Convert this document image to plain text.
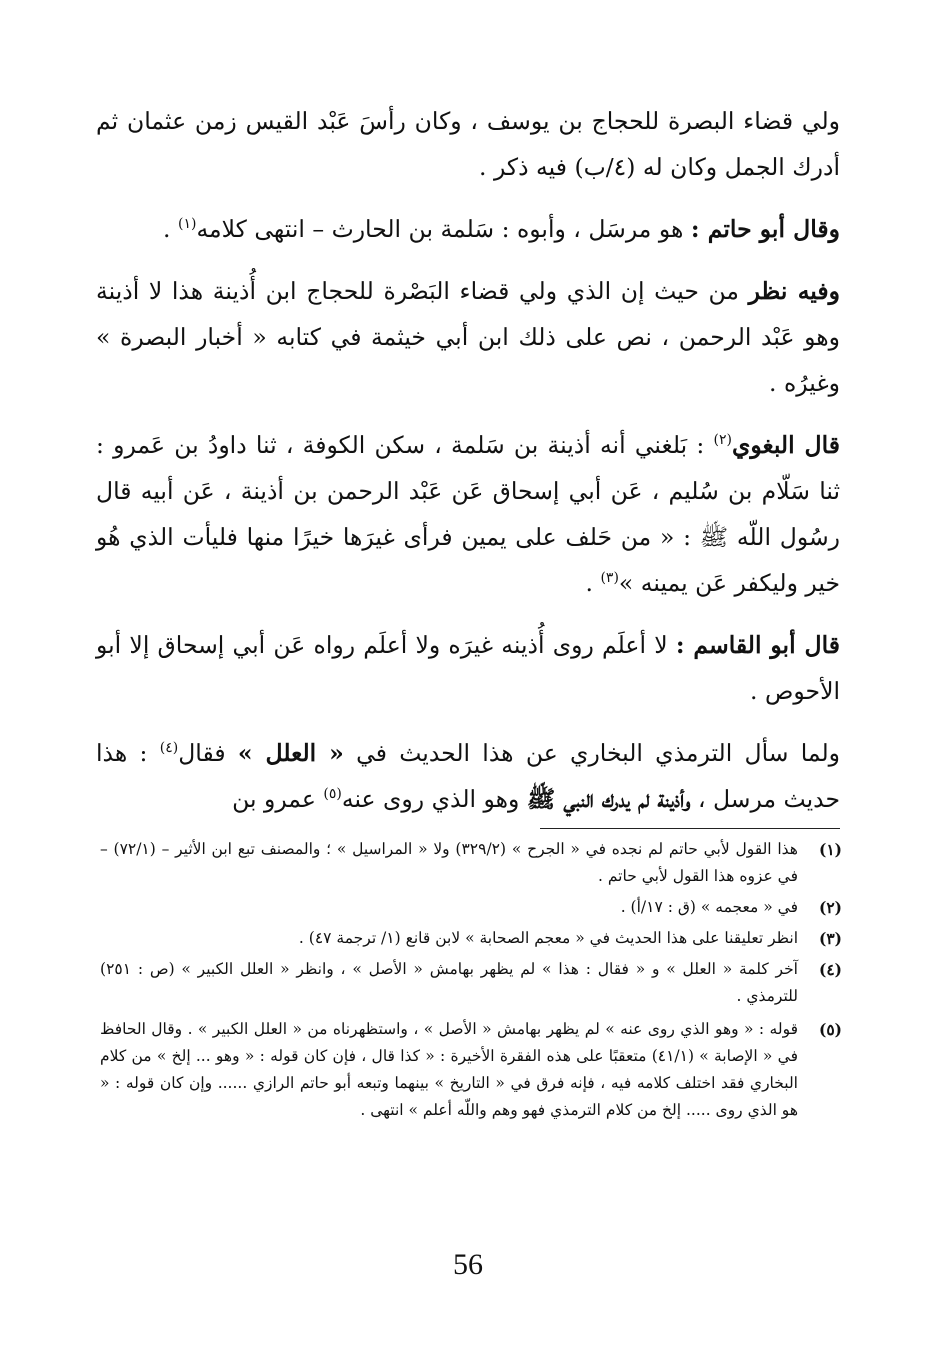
ولي قضاء البصرة للحجاج بن يوسف ، وكان رأسَ عَبْد القيس زمن عثمان ثم أدرك الجمل وكان له (٤/ب) فيه ذكر .

وقال أبو حاتم : هو مرسَل ، وأبوه : سَلمة بن الحارث – انتهى كلامه$^{(١)}$ .

وفيه نظر من حيث إن الذي ولي قضاء البَصْرة للحجاج ابن أُذينة هذا لا أذينة وهو عَبْد الرحمن ، نص على ذلك ابن أبي خيثمة في كتابه « أخبار البصرة » وغيرُه .

قال البغوي$^{(٢)}$ : بَلغني أنه أذينة بن سَلمة ، سكن الكوفة ، ثنا داودُ بن عَمرو : ثنا سَلّام بن سُليم ، عَن أبي إسحاق عَن عَبْد الرحمن بن أذينة ، عَن أبيه قال رسُول اللّه ﷺ : « من حَلف على يمين فرأى غيرَها خيرًا منها فليأت الذي هُو خير وليكفر عَن يمينه »$^{(٣)}$ .

قال أبو القاسم : لا أعلَم روى أُذينه غيرَه ولا أعلَم رواه عَن أبي إسحاق إلا أبو الأحوص .

ولما سأل الترمذي البخاري عن هذا الحديث في « العلل » فقال$^{(٤)}$ : هذا حديث مرسل ، وأذينة لم يدرك النبي ﷺ وهو الذي روى عنه$^{(٥)}$ عمرو بن

(١)
هذا القول لأبي حاتم لم نجده في « الجرح » (٣٢٩/٢) ولا « المراسيل » ؛ والمصنف تبع ابن الأثير – (٧٢/١) – في عزوه هذا القول لأبي حاتم .
(٢)
في « معجمه » (ق : ١٧/أ) .
(٣)
انظر تعليقنا على هذا الحديث في « معجم الصحابة » لابن قانع (١/ ترجمة ٤٧) .
(٤)
آخر كلمة « العلل » و « فقال : هذا » لم يظهر بهامش « الأصل » ، وانظر « العلل الكبير » (ص : ٢٥١) للترمذي .
(٥)
قوله : « وهو الذي روى عنه » لم يظهر بهامش « الأصل » ، واستظهرناه من « العلل الكبير » . وقال الحافظ في « الإصابة » (٤١/١) متعقبًا على هذه الفقرة الأخيرة : « كذا قال ، فإن كان قوله : « وهو ... إلخ » من كلام البخاري فقد اختلف كلامه فيه ، فإنه فرق في « التاريخ » بينهما وتبعه أبو حاتم الرازي ...... وإن كان قوله : « هو الذي روى ..... إلخ من كلام الترمذي فهو وهم واللّه أعلم » انتهى .
56
